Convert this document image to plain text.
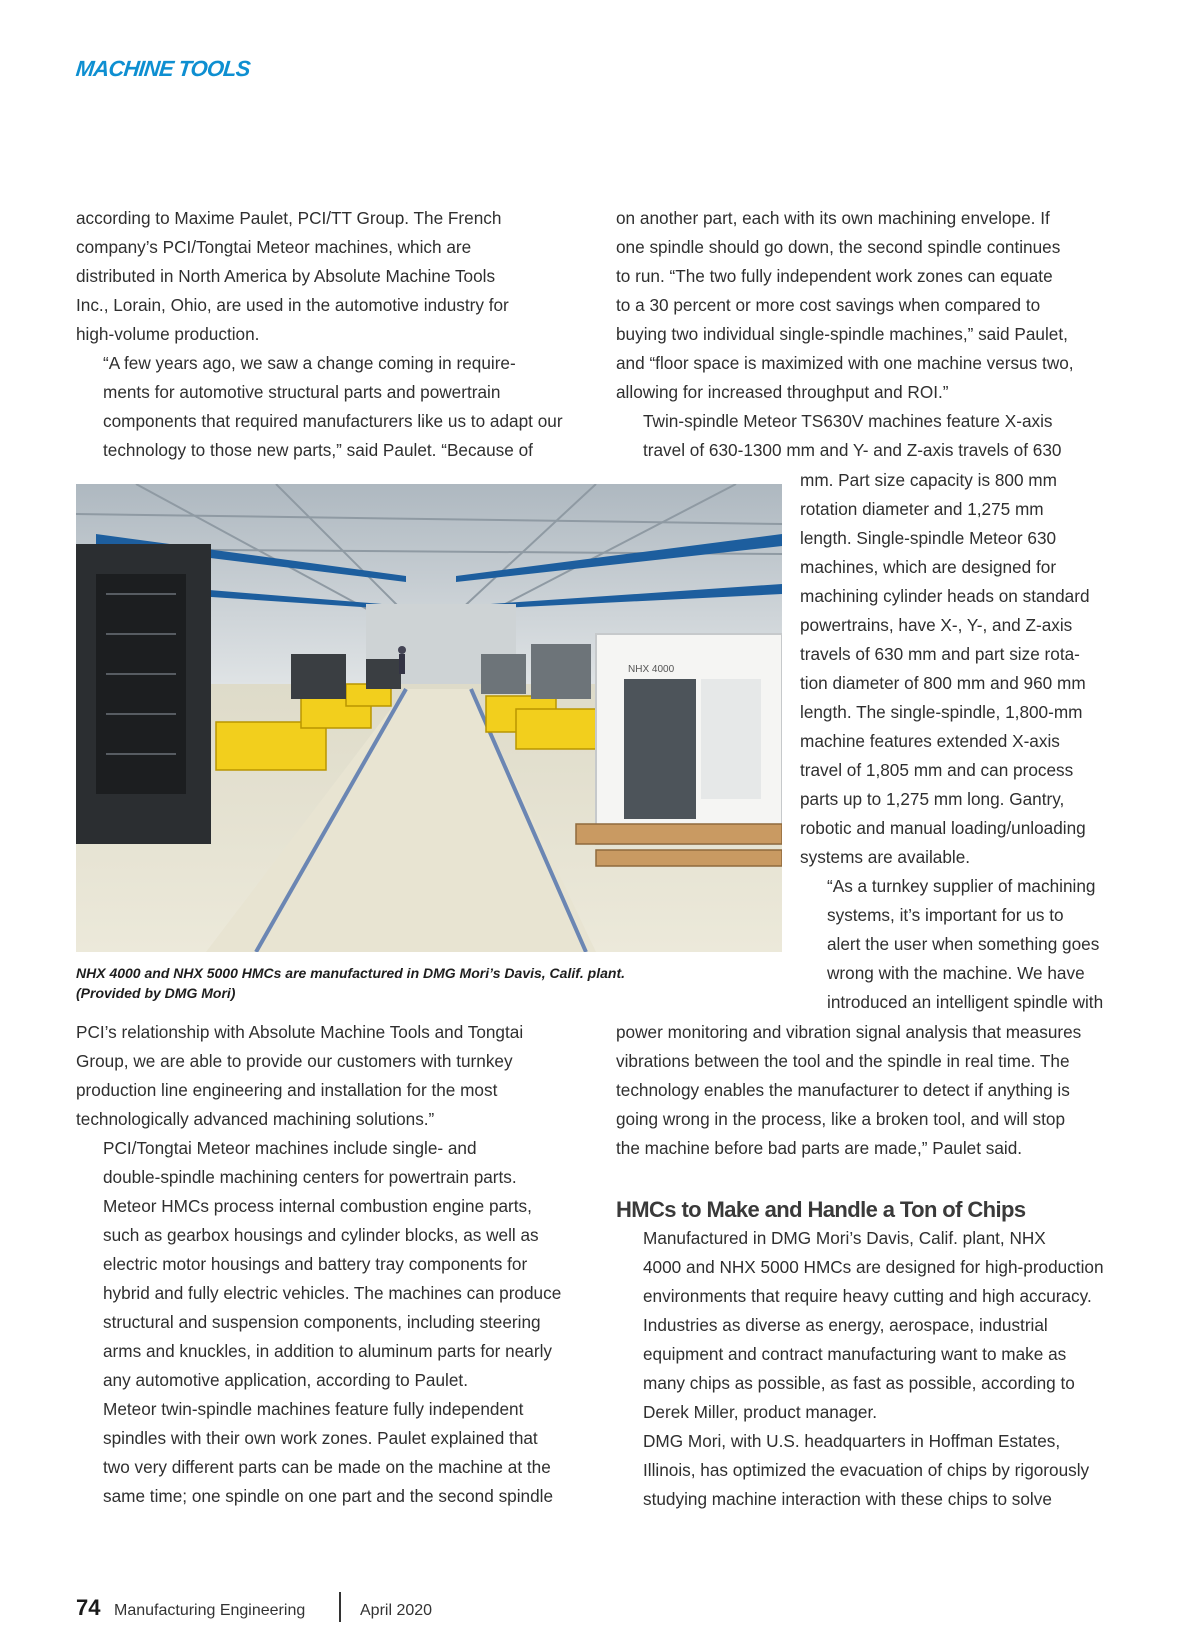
MACHINE TOOLS

according to Maxime Paulet, PCI/TT Group. The French
company’s PCI/Tongtai Meteor machines, which are
distributed in North America by Absolute Machine Tools
Inc., Lorain, Ohio, are used in the automotive industry for
high-volume production.

“A few years ago, we saw a change coming in require-
ments for automotive structural parts and powertrain
components that required manufacturers like us to adapt our
technology to those new parts,” said Paulet. “Because of

NHX 4000
NHX 4000 and NHX 5000 HMCs are manufactured in DMG Mori’s Davis, Calif. plant.
(Provided by DMG Mori)

PCI’s relationship with Absolute Machine Tools and Tongtai
Group, we are able to provide our customers with turnkey
production line engineering and installation for the most
technologically advanced machining solutions.”

PCI/Tongtai Meteor machines include single- and
double-spindle machining centers for powertrain parts.
Meteor HMCs process internal combustion engine parts,
such as gearbox housings and cylinder blocks, as well as
electric motor housings and battery tray components for
hybrid and fully electric vehicles. The machines can produce
structural and suspension components, including steering
arms and knuckles, in addition to aluminum parts for nearly
any automotive application, according to Paulet.

Meteor twin-spindle machines feature fully independent
spindles with their own work zones. Paulet explained that
two very different parts can be made on the machine at the
same time; one spindle on one part and the second spindle

on another part, each with its own machining envelope. If
one spindle should go down, the second spindle continues
to run. “The two fully independent work zones can equate
to a 30 percent or more cost savings when compared to
buying two individual single-spindle machines,” said Paulet,
and “floor space is maximized with one machine versus two,
allowing for increased throughput and ROI.”

Twin-spindle Meteor TS630V machines feature X-axis
travel of 630-1300 mm and Y- and Z-axis travels of 630

mm. Part size capacity is 800 mm
rotation diameter and 1,275 mm
length. Single-spindle Meteor 630
machines, which are designed for
machining cylinder heads on standard
powertrains, have X-, Y-, and Z-axis
travels of 630 mm and part size rota-
tion diameter of 800 mm and 960 mm
length. The single-spindle, 1,800-mm
machine features extended X-axis
travel of 1,805 mm and can process
parts up to 1,275 mm long. Gantry,
robotic and manual loading/unloading
systems are available.

“As a turnkey supplier of machining
systems, it’s important for us to
alert the user when something goes
wrong with the machine. We have
introduced an intelligent spindle with

power monitoring and vibration signal analysis that measures
vibrations between the tool and the spindle in real time. The
technology enables the manufacturer to detect if anything is
going wrong in the process, like a broken tool, and will stop
the machine before bad parts are made,” Paulet said.

HMCs to Make and Handle a Ton of Chips

Manufactured in DMG Mori’s Davis, Calif. plant, NHX
4000 and NHX 5000 HMCs are designed for high-production
environments that require heavy cutting and high accuracy.
Industries as diverse as energy, aerospace, industrial
equipment and contract manufacturing want to make as
many chips as possible, as fast as possible, according to
Derek Miller, product manager.

DMG Mori, with U.S. headquarters in Hoffman Estates,
Illinois, has optimized the evacuation of chips by rigorously
studying machine interaction with these chips to solve

74 Manufacturing Engineering	April 2020
